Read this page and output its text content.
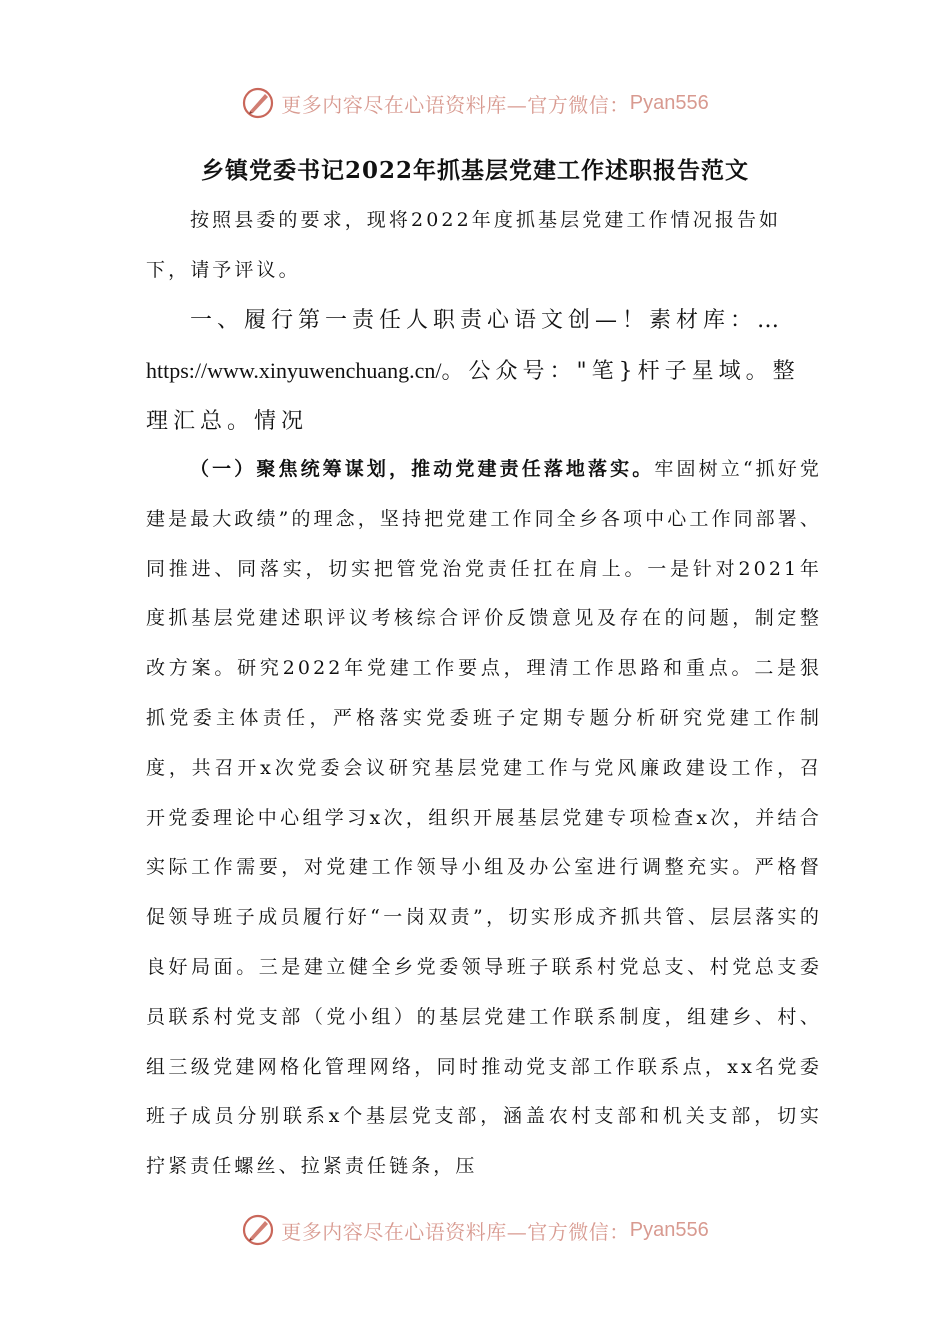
更多内容尽在心语资料库—官方微信： Pyan556
乡镇党委书记2022年抓基层党建工作述职报告范文

按照县委的要求，现将2022年度抓基层党建工作情况报告如下，请予评议。

一、履行第一责任人职责心语文创—！素材库：…https://www.xinyuwenchuang.cn/。公众号："笔}杆子星域。整理汇总。情况

（一）聚焦统筹谋划，推动党建责任落地落实。牢固树立“抓好党建是最大政绩”的理念，坚持把党建工作同全乡各项中心工作同部署、同推进、同落实，切实把管党治党责任扛在肩上。一是针对2021年度抓基层党建述职评议考核综合评价反馈意见及存在的问题，制定整改方案。研究2022年党建工作要点，理清工作思路和重点。二是狠抓党委主体责任，严格落实党委班子定期专题分析研究党建工作制度，共召开x次党委会议研究基层党建工作与党风廉政建设工作，召开党委理论中心组学习x次，组织开展基层党建专项检查x次，并结合实际工作需要，对党建工作领导小组及办公室进行调整充实。严格督促领导班子成员履行好“一岗双责”，切实形成齐抓共管、层层落实的良好局面。三是建立健全乡党委领导班子联系村党总支、村党总支委员联系村党支部（党小组）的基层党建工作联系制度，组建乡、村、组三级党建网格化管理网络，同时推动党支部工作联系点，xx名党委班子成员分别联系x个基层党支部，涵盖农村支部和机关支部，切实拧紧责任螺丝、拉紧责任链条，压

更多内容尽在心语资料库—官方微信： Pyan556
